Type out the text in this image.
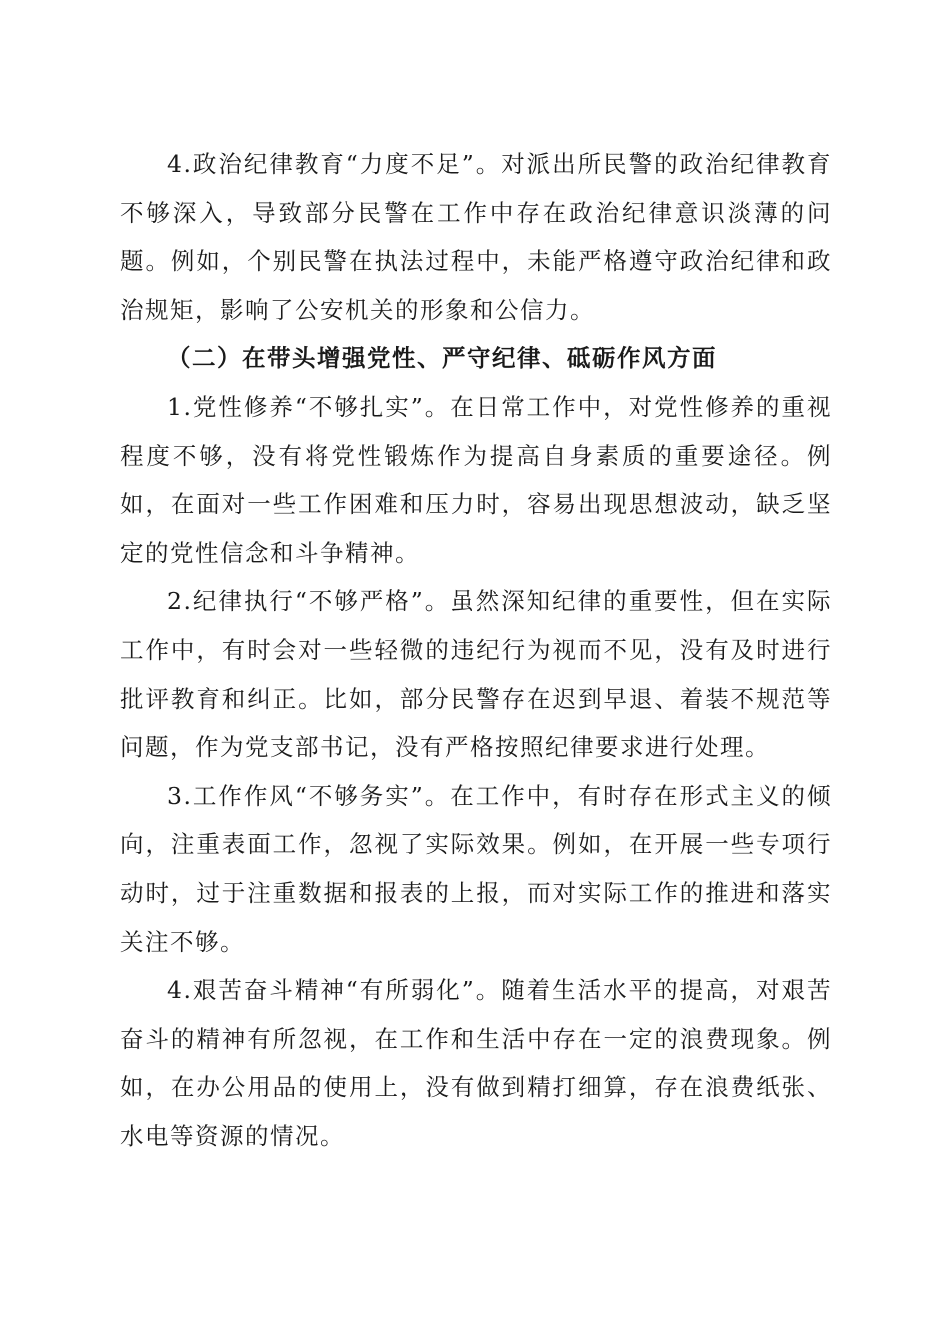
4.政治纪律教育“力度不足”。对派出所民警的政治纪律教育不够深入，导致部分民警在工作中存在政治纪律意识淡薄的问题。例如，个别民警在执法过程中，未能严格遵守政治纪律和政治规矩，影响了公安机关的形象和公信力。

（二）在带头增强党性、严守纪律、砥砺作风方面

1.党性修养“不够扎实”。在日常工作中，对党性修养的重视程度不够，没有将党性锻炼作为提高自身素质的重要途径。例如，在面对一些工作困难和压力时，容易出现思想波动，缺乏坚定的党性信念和斗争精神。

2.纪律执行“不够严格”。虽然深知纪律的重要性，但在实际工作中，有时会对一些轻微的违纪行为视而不见，没有及时进行批评教育和纠正。比如，部分民警存在迟到早退、着装不规范等问题，作为党支部书记，没有严格按照纪律要求进行处理。

3.工作作风“不够务实”。在工作中，有时存在形式主义的倾向，注重表面工作，忽视了实际效果。例如，在开展一些专项行动时，过于注重数据和报表的上报，而对实际工作的推进和落实关注不够。

4.艰苦奋斗精神“有所弱化”。随着生活水平的提高，对艰苦奋斗的精神有所忽视，在工作和生活中存在一定的浪费现象。例如，在办公用品的使用上，没有做到精打细算，存在浪费纸张、水电等资源的情况。
